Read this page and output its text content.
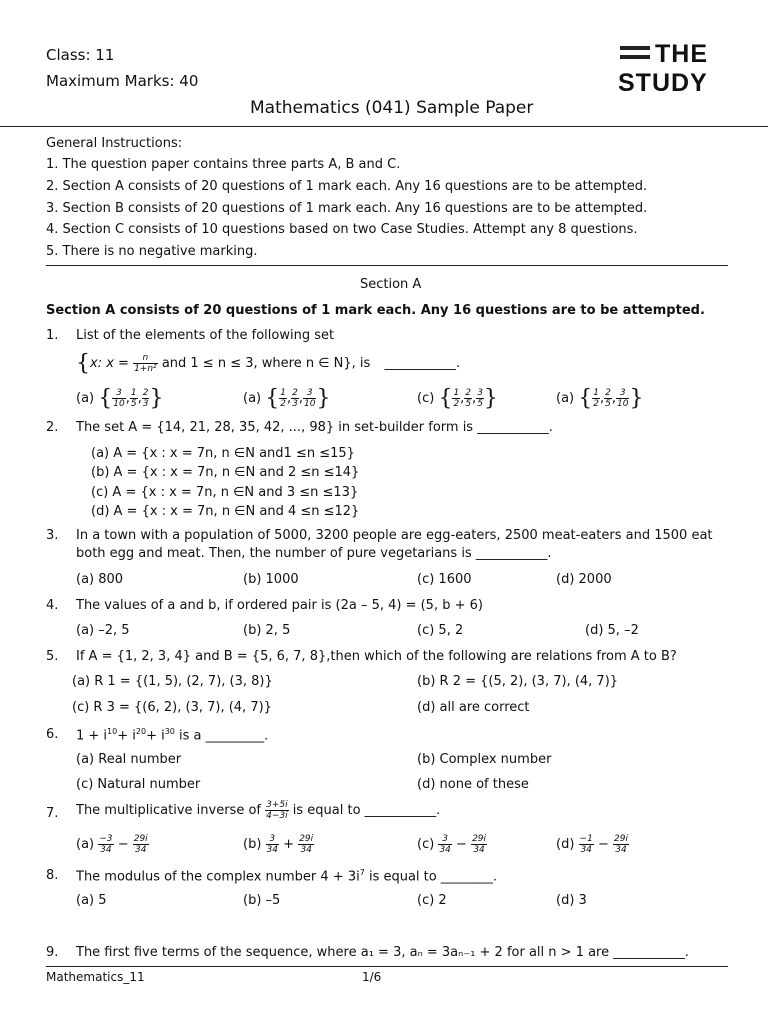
Class: 11
Maximum Marks: 40
Mathematics (041) Sample Paper
THE
STUDY
General Instructions:
1. The question paper contains three parts A, B and C.
2. Section A consists of 20 questions of 1 mark each. Any 16 questions are to be attempted.
3. Section B consists of 20 questions of 1 mark each. Any 16 questions are to be attempted.
4. Section C consists of 10 questions based on two Case Studies. Attempt any 8 questions.
5. There is no negative marking.
Section A
Section A consists of 20 questions of 1 mark each. Any 16 questions are to be attempted.
1. List of the elements of the following set
{x: $x = \frac{n}{\text{1+n²}}$ and 1 ≤ n ≤ 3, where n ∈ N}, is ___________.
(a) { $\frac{3}{10}$ , $\frac{1}{5}$ , $\frac{2}{3}$ }	(a) { $\frac{1}{2}$ , $\frac{2}{3}$ , $\frac{3}{10}$ }	(c) { $\frac{1}{2}$ , $\frac{2}{5}$ , $\frac{3}{5}$ }	(a) { $\frac{1}{2}$ , $\frac{2}{5}$ , $\frac{3}{10}$ }
2. The set A = {14, 21, 28, 35, 42, ..., 98} in set-builder form is ___________.
(a) A = {x : x = 7n, n ∈N and1 ≤n ≤15}
(b) A = {x : x = 7n, n ∈N and 2 ≤n ≤14}
(c) A = {x : x = 7n, n ∈N and 3 ≤n ≤13}
(d) A = {x : x = 7n, n ∈N and 4 ≤n ≤12}
3. In a town with a population of 5000, 3200 people are egg-eaters, 2500 meat-eaters and 1500 eat
both egg and meat. Then, the number of pure vegetarians is ___________.
(a) 800	(b) 1000	(c) 1600	(d) 2000
4. The values of a and b, if ordered pair is (2a – 5, 4) = (5, b + 6)
(a) –2, 5	(b) 2, 5	(c) 5, 2	(d) 5, –2
5. If A = {1, 2, 3, 4} and B = {5, 6, 7, 8},then which of the following are relations from A to B?
(a) R 1 = {(1, 5), (2, 7), (3, 8)}	(b) R 2 = {(5, 2), (3, 7), (4, 7)}
(c) R 3 = {(6, 2), (3, 7), (4, 7)}	(d) all are correct
6. $1 + i^{10}+ i^{20}+ i^{30}$ is a _________.
(a) Real number	(b) Complex number
(c) Natural number	(d) none of these
7. The multiplicative inverse of $\frac{3+5i}{4-3i}$ is equal to ___________.
$(a) \frac{-3}{34} - \frac{29i}{34}$	$(b) \frac{3}{34} + \frac{29i}{34}$	$(c) \frac{3}{34} - \frac{29i}{34}$	$(d) \frac{-1}{34} - \frac{29i}{34}$
8. The modulus of the complex number $4 + 3i^7$ is equal to ________.
(a) 5	(b) –5	(c) 2	(d) 3
9. The first five terms of the sequence, where a₁ = 3, aₙ = 3aₙ₋₁ + 2 for all n > 1 are ___________.
Mathematics_11	1/6
